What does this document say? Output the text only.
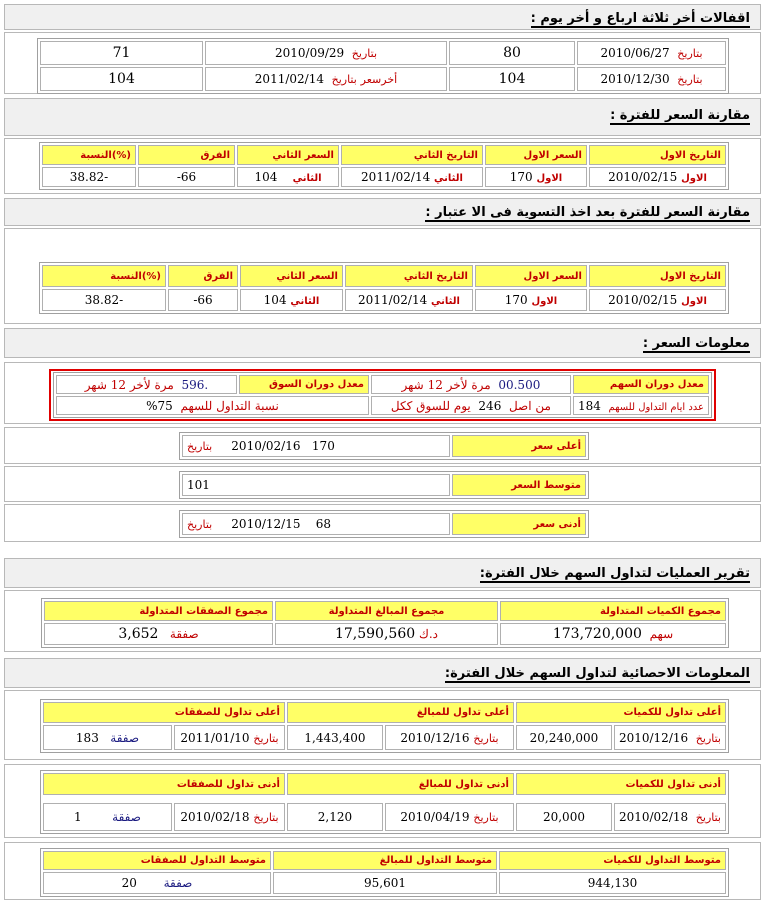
اقفالات أخر ثلاثة ارباع و أخر يوم :
بتاريخ  2010/06/27	80	بتاريخ  2010/09/29	71
بتاريخ  2010/12/30	104	أخرسعر بتاريخ  2011/02/14	104
مقارنة السعر للفترة :
التاريخ الاول	السعر الاول	التاريخ الثاني	السعر الثاني	الفرق	(%)النسبة
الاول 2010/02/15	الاول 170	الثاني 2011/02/14	الثاني    104	66-	-38.82
مقارنة السعر للفترة بعد اخذ التسوية فى الا عتبار :
التاريخ الاول	السعر الاول	التاريخ الثاني	السعر الثاني	الفرق	(%)النسبة
الاول 2010/02/15	الاول 170	الثاني 2011/02/14	الثاني 104	66-	-38.82
معلومات السعر :
معدل دوران السهم	00.500  مرة لأخر 12 شهر	معدل دوران السوق	.596  مرة لأخر 12 شهر
عدد ايام التداول للسهم  184	من اصل  246  يوم للسوق ككل	نسبة التداول للسهم  75%	
أعلى سعر	170   2010/02/16     بتاريخ
متوسط السعر	101
أدنى سعر	68    2010/12/15     بتاريخ
تقرير العمليات لتداول السهم خلال الفترة:
مجموع الكميات المتداولة	مجموع المبالغ المتداولة	مجموع الصفقات المتداولة
سهم  173,720,000	د.ك 17,590,560	صفقة   3,652
المعلومات الاحصائية لتداول السهم خلال الفترة:
أعلى تداول للكميات		أعلى تداول للمبالغ		أعلى تداول للصفقات	
بتاريخ  2010/12/16	20,240,000	بتاريخ 2010/12/16	1,443,400	بتاريخ 2011/01/10	صفقة   183
أدنى تداول للكميات		أدنى تداول للمبالغ		أدنى تداول للصفقات	

بتاريخ  2010/02/18	20,000	بتاريخ 2010/04/19	2,120	بتاريخ 2010/02/18	صفقة        1
متوسط التداول للكميات	متوسط التداول للمبالغ	متوسط التداول للصفقات
944,130	95,601	صفقة       20
